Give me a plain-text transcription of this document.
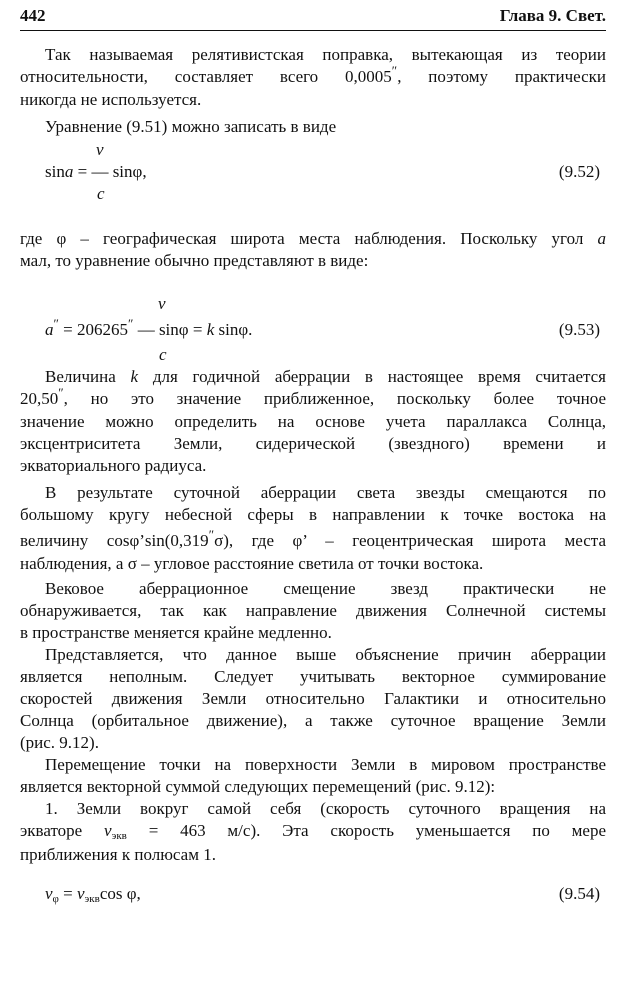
442	Глава 9. Свет.
Так называемая релятивистская поправка, вытекающая из теории
относительности, составляет всего 0,0005″, поэтому практически
никогда не используется.
Уравнение (9.51) можно записать в виде
v
sina = — sinφ,
c
(9.52)
где φ – географическая широта места наблюдения. Поскольку угол a
мал, то уравнение обычно представляют в виде:
v
a″ = 206265″ — sinφ = k sinφ.
c
(9.53)
Величина k для годичной аберрации в настоящее время считается
20,50″, но это значение приближенное, поскольку более точное
значение можно определить на основе учета параллакса Солнца,
эксцентриситета Земли, сидерической (звездного) времени и
экваториального радиуса.
В результате суточной аберрации света звезды смещаются по
большому кругу небесной сферы в направлении к точке востока на
величину cosφ’sin(0,319″σ), где φ’ – геоцентрическая широта места
наблюдения, а σ – угловое расстояние светила от точки востока.
Вековое аберрационное смещение звезд практически не
обнаруживается, так как направление движения Солнечной системы
в пространстве меняется крайне медленно.
Представляется, что данное выше объяснение причин аберрации
является неполным. Следует учитывать векторное суммирование
скоростей движения Земли относительно Галактики и относительно
Солнца (орбитальное движение), а также суточное вращение Земли
(рис. 9.12).
Перемещение точки на поверхности Земли в мировом пространстве
является векторной суммой следующих перемещений (рис. 9.12):
1. Земли вокруг самой себя (скорость суточного вращения на
экваторе vэкв = 463 м/с). Эта скорость уменьшается по мере
приближения к полюсам 1.
vφ = vэквcos φ,	(9.54)
